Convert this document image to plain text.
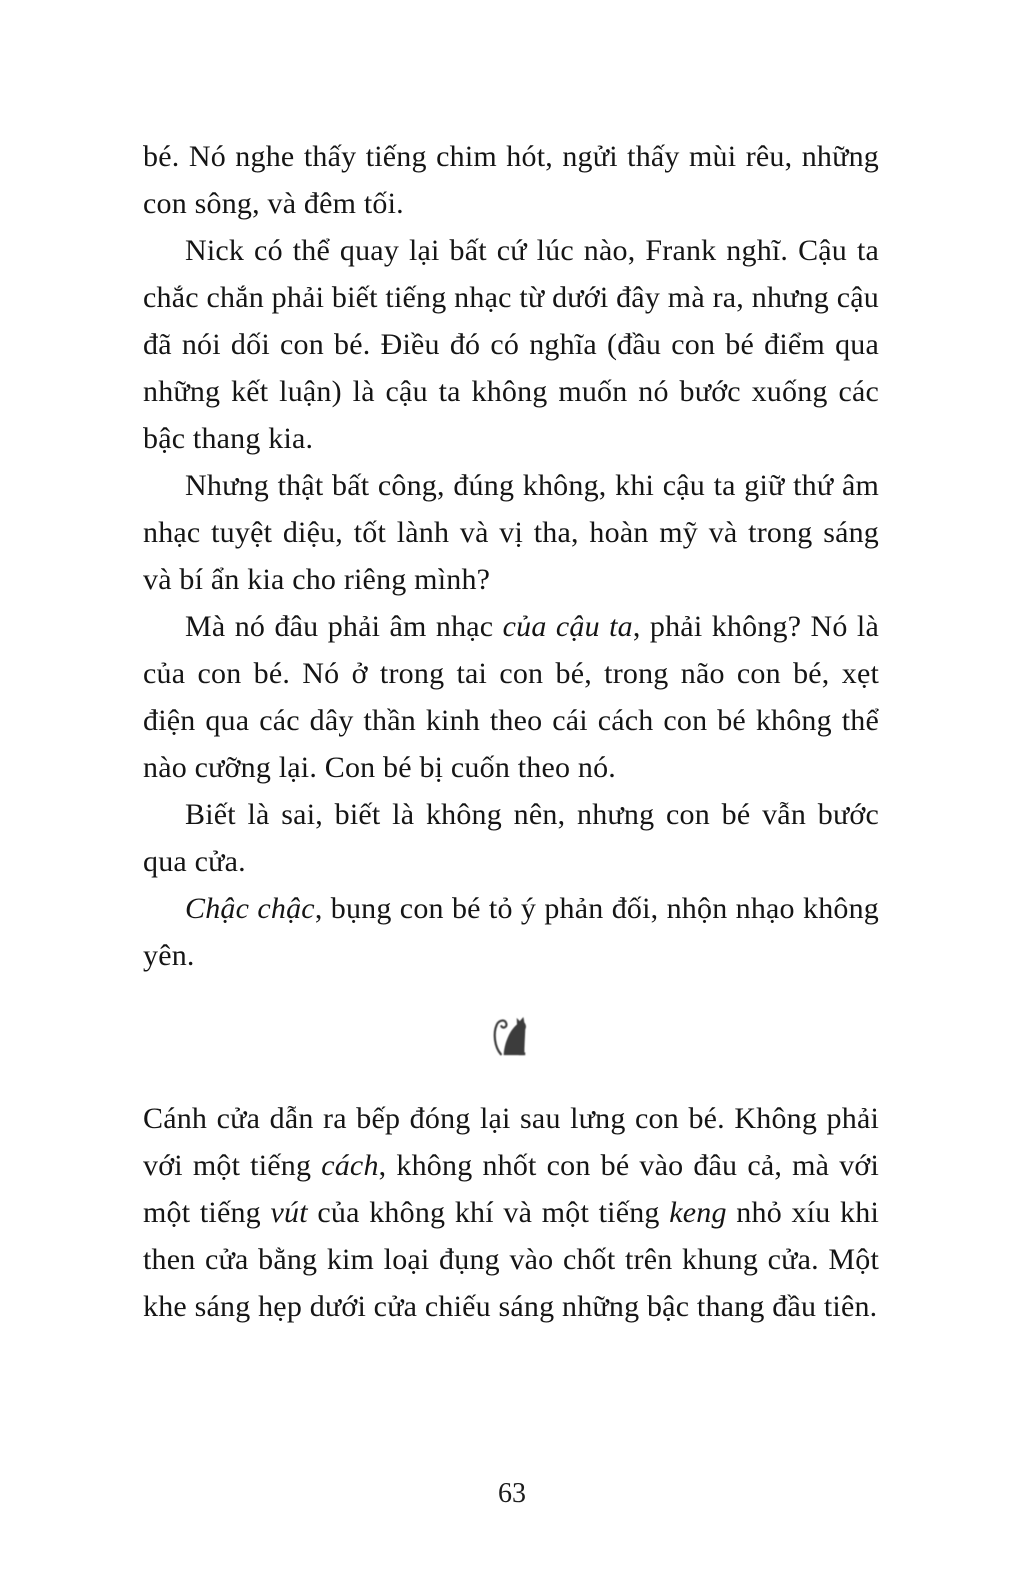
bé. Nó nghe thấy tiếng chim hót, ngửi thấy mùi rêu, những con sông, và đêm tối.

Nick có thể quay lại bất cứ lúc nào, Frank nghĩ. Cậu ta chắc chắn phải biết tiếng nhạc từ dưới đây mà ra, nhưng cậu đã nói dối con bé. Điều đó có nghĩa (đầu con bé điểm qua những kết luận) là cậu ta không muốn nó bước xuống các bậc thang kia.

Nhưng thật bất công, đúng không, khi cậu ta giữ thứ âm nhạc tuyệt diệu, tốt lành và vị tha, hoàn mỹ và trong sáng và bí ẩn kia cho riêng mình?

Mà nó đâu phải âm nhạc của cậu ta, phải không? Nó là của con bé. Nó ở trong tai con bé, trong não con bé, xẹt điện qua các dây thần kinh theo cái cách con bé không thể nào cưỡng lại. Con bé bị cuốn theo nó.

Biết là sai, biết là không nên, nhưng con bé vẫn bước qua cửa.

Chậc chậc, bụng con bé tỏ ý phản đối, nhộn nhạo không yên.

Cánh cửa dẫn ra bếp đóng lại sau lưng con bé. Không phải với một tiếng cách, không nhốt con bé vào đâu cả, mà với một tiếng vút của không khí và một tiếng keng nhỏ xíu khi then cửa bằng kim loại đụng vào chốt trên khung cửa. Một khe sáng hẹp dưới cửa chiếu sáng những bậc thang đầu tiên.

63
